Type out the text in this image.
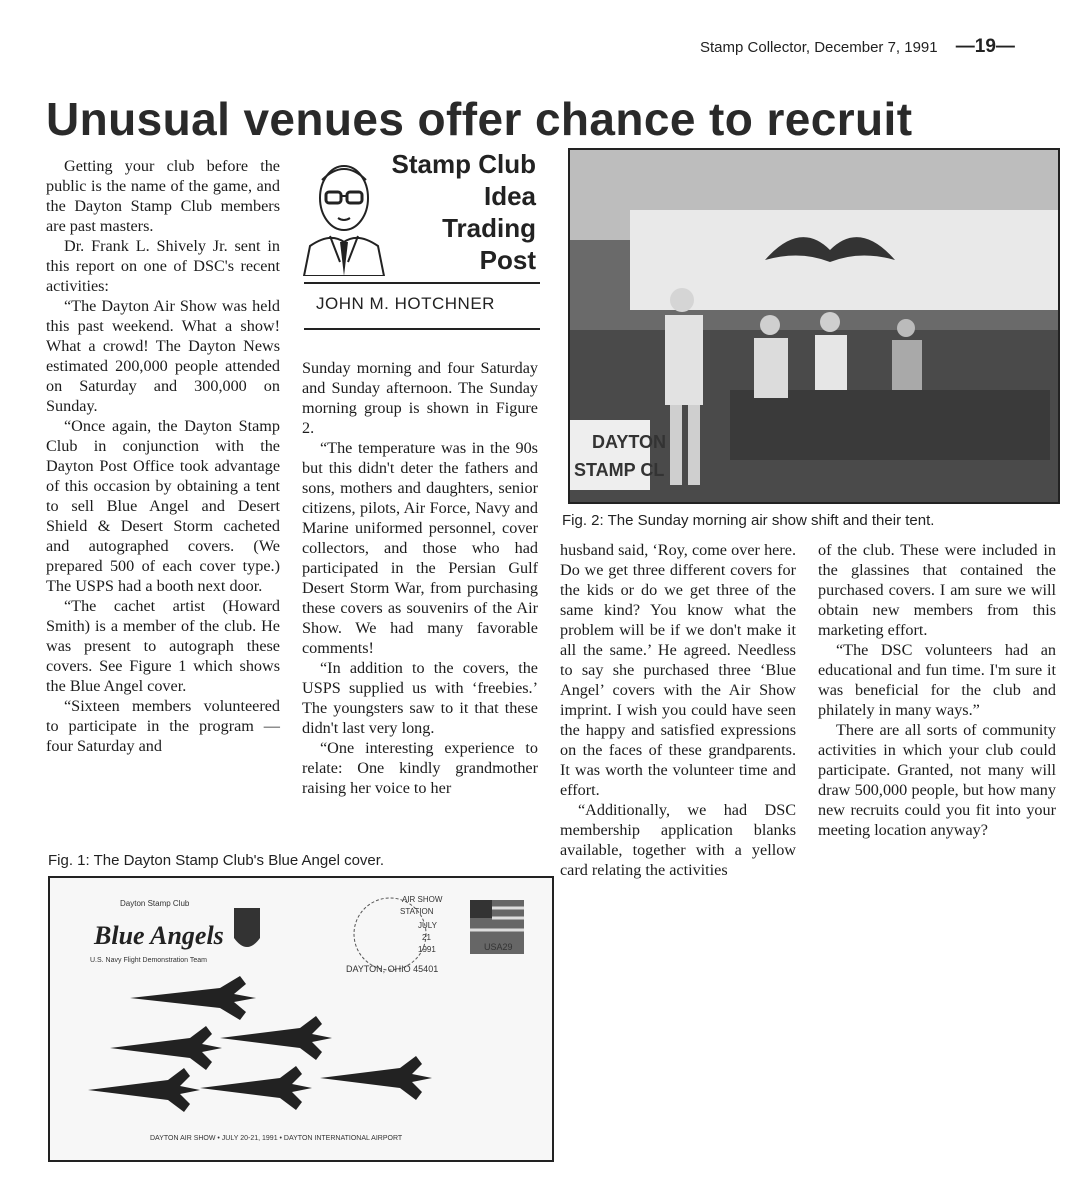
Stamp Collector, December 7, 1991 —19—
Unusual venues offer chance to recruit

Getting your club before the public is the name of the game, and the Dayton Stamp Club members are past masters.

Dr. Frank L. Shively Jr. sent in this report on one of DSC's recent activities:

“The Dayton Air Show was held this past weekend. What a show! What a crowd! The Dayton News estimated 200,000 people attended on Saturday and 300,000 on Sunday.

“Once again, the Dayton Stamp Club in conjunction with the Dayton Post Office took advantage of this occasion by obtaining a tent to sell Blue Angel and Desert Shield & Desert Storm cacheted and autographed covers. (We prepared 500 of each cover type.) The USPS had a booth next door.

“The cachet artist (Howard Smith) is a member of the club. He was present to autograph these covers. See Figure 1 which shows the Blue Angel cover.

“Sixteen members volunteered to participate in the program — four Saturday and

Stamp Club
Idea
Trading
Post
JOHN M. HOTCHNER

Sunday morning and four Saturday and Sunday afternoon. The Sunday morning group is shown in Figure 2.

“The temperature was in the 90s but this didn't deter the fathers and sons, mothers and daughters, senior citizens, pilots, Air Force, Navy and Marine uniformed personnel, cover collectors, and those who had participated in the Persian Gulf Desert Storm War, from purchasing these covers as souvenirs of the Air Show. We had many favorable comments!

“In addition to the covers, the USPS supplied us with ‘freebies.’ The youngsters saw to it that these didn't last very long.

“One interesting experience to relate: One kindly grandmother raising her voice to her

DAYTON
STAMP CL
Fig. 2: The Sunday morning air show shift and their tent.

husband said, ‘Roy, come over here. Do we get three different covers for the kids or do we get three of the same kind? You know what the problem will be if we don't make it all the same.’ He agreed. Needless to say she purchased three ‘Blue Angel’ covers with the Air Show imprint. I wish you could have seen the happy and satisfied expressions on the faces of these grandparents. It was worth the volunteer time and effort.

“Additionally, we had DSC membership application blanks available, together with a yellow card relating the activities

of the club. These were included in the glassines that contained the purchased covers. I am sure we will obtain new members from this marketing effort.

“The DSC volunteers had an educational and fun time. I'm sure it was beneficial for the club and philately in many ways.”

There are all sorts of community activities in which your club could participate. Granted, not many will draw 500,000 people, but how many new recruits could you fit into your meeting location anyway?

Fig. 1: The Dayton Stamp Club's Blue Angel cover.
Dayton Stamp Club
Blue Angels
U.S. Navy Flight Demonstration Team
AIR SHOW
STATION
JULY
21
1991
DAYTON, OHIO 45401
USA29
DAYTON AIR SHOW • JULY 20-21, 1991 • DAYTON INTERNATIONAL AIRPORT
